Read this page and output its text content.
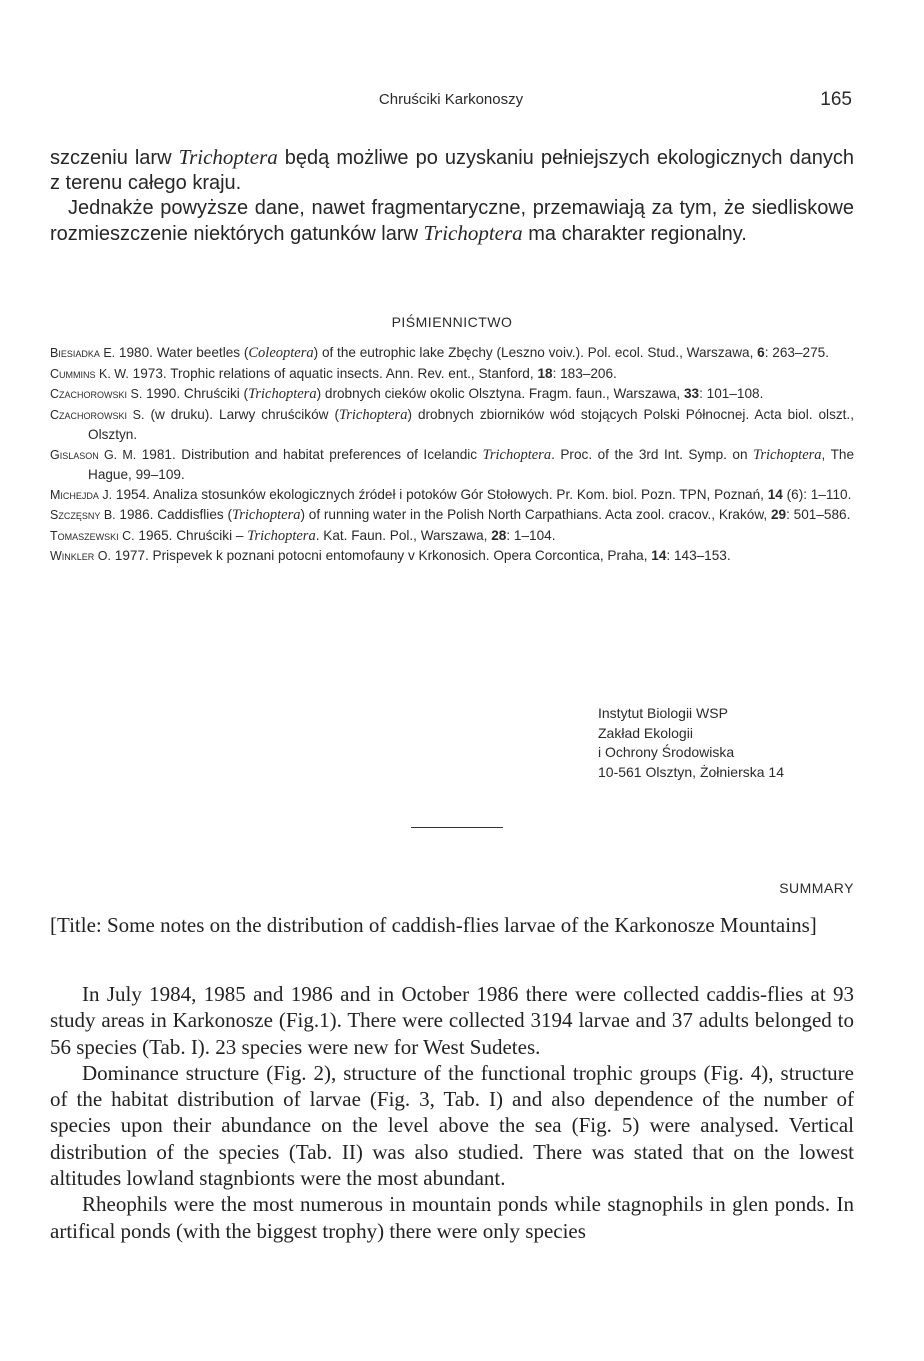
Chruściki Karkonoszy	165

szczeniu larw Trichoptera będą możliwe po uzyskaniu pełniejszych ekologicznych danych z terenu całego kraju.

Jednakże powyższe dane, nawet fragmentaryczne, przemawiają za tym, że siedliskowe rozmieszczenie niektórych gatunków larw Trichoptera ma charakter regionalny.

PIŚMIENNICTWO

Biesiadka E. 1980. Water beetles (Coleoptera) of the eutrophic lake Zbęchy (Leszno voiv.). Pol. ecol. Stud., Warszawa, 6: 263–275.

Cummins K. W. 1973. Trophic relations of aquatic insects. Ann. Rev. ent., Stanford, 18: 183–206.

Czachorowski S. 1990. Chruściki (Trichoptera) drobnych cieków okolic Olsztyna. Fragm. faun., Warszawa, 33: 101–108.

Czachorowski S. (w druku). Larwy chruścików (Trichoptera) drobnych zbiorników wód stojących Polski Północnej. Acta biol. olszt., Olsztyn.

Gislason G. M. 1981. Distribution and habitat preferences of Icelandic Trichoptera. Proc. of the 3rd Int. Symp. on Trichoptera, The Hague, 99–109.

Michejda J. 1954. Analiza stosunków ekologicznych źródeł i potoków Gór Stołowych. Pr. Kom. biol. Pozn. TPN, Poznań, 14 (6): 1–110.

Szczęsny B. 1986. Caddisflies (Trichoptera) of running water in the Polish North Carpathians. Acta zool. cracov., Kraków, 29: 501–586.

Tomaszewski C. 1965. Chruściki – Trichoptera. Kat. Faun. Pol., Warszawa, 28: 1–104.

Winkler O. 1977. Prispevek k poznani potocni entomofauny v Krkonosich. Opera Corcontica, Praha, 14: 143–153.

Instytut Biologii WSP
Zakład Ekologii
i Ochrony Środowiska
10-561 Olsztyn, Żołnierska 14
SUMMARY
[Title: Some notes on the distribution of caddish-flies larvae of the Karkonosze Mountains]

In July 1984, 1985 and 1986 and in October 1986 there were collected caddis-flies at 93 study areas in Karkonosze (Fig.1). There were collected 3194 larvae and 37 adults belonged to 56 species (Tab. I). 23 species were new for West Sudetes.

Dominance structure (Fig. 2), structure of the functional trophic groups (Fig. 4), structure of the habitat distribution of larvae (Fig. 3, Tab. I) and also dependence of the number of species upon their abundance on the level above the sea (Fig. 5) were analysed. Vertical distribution of the species (Tab. II) was also studied. There was stated that on the lowest altitudes lowland stagnbionts were the most abundant.

Rheophils were the most numerous in mountain ponds while stagnophils in glen ponds. In artifical ponds (with the biggest trophy) there were only species
